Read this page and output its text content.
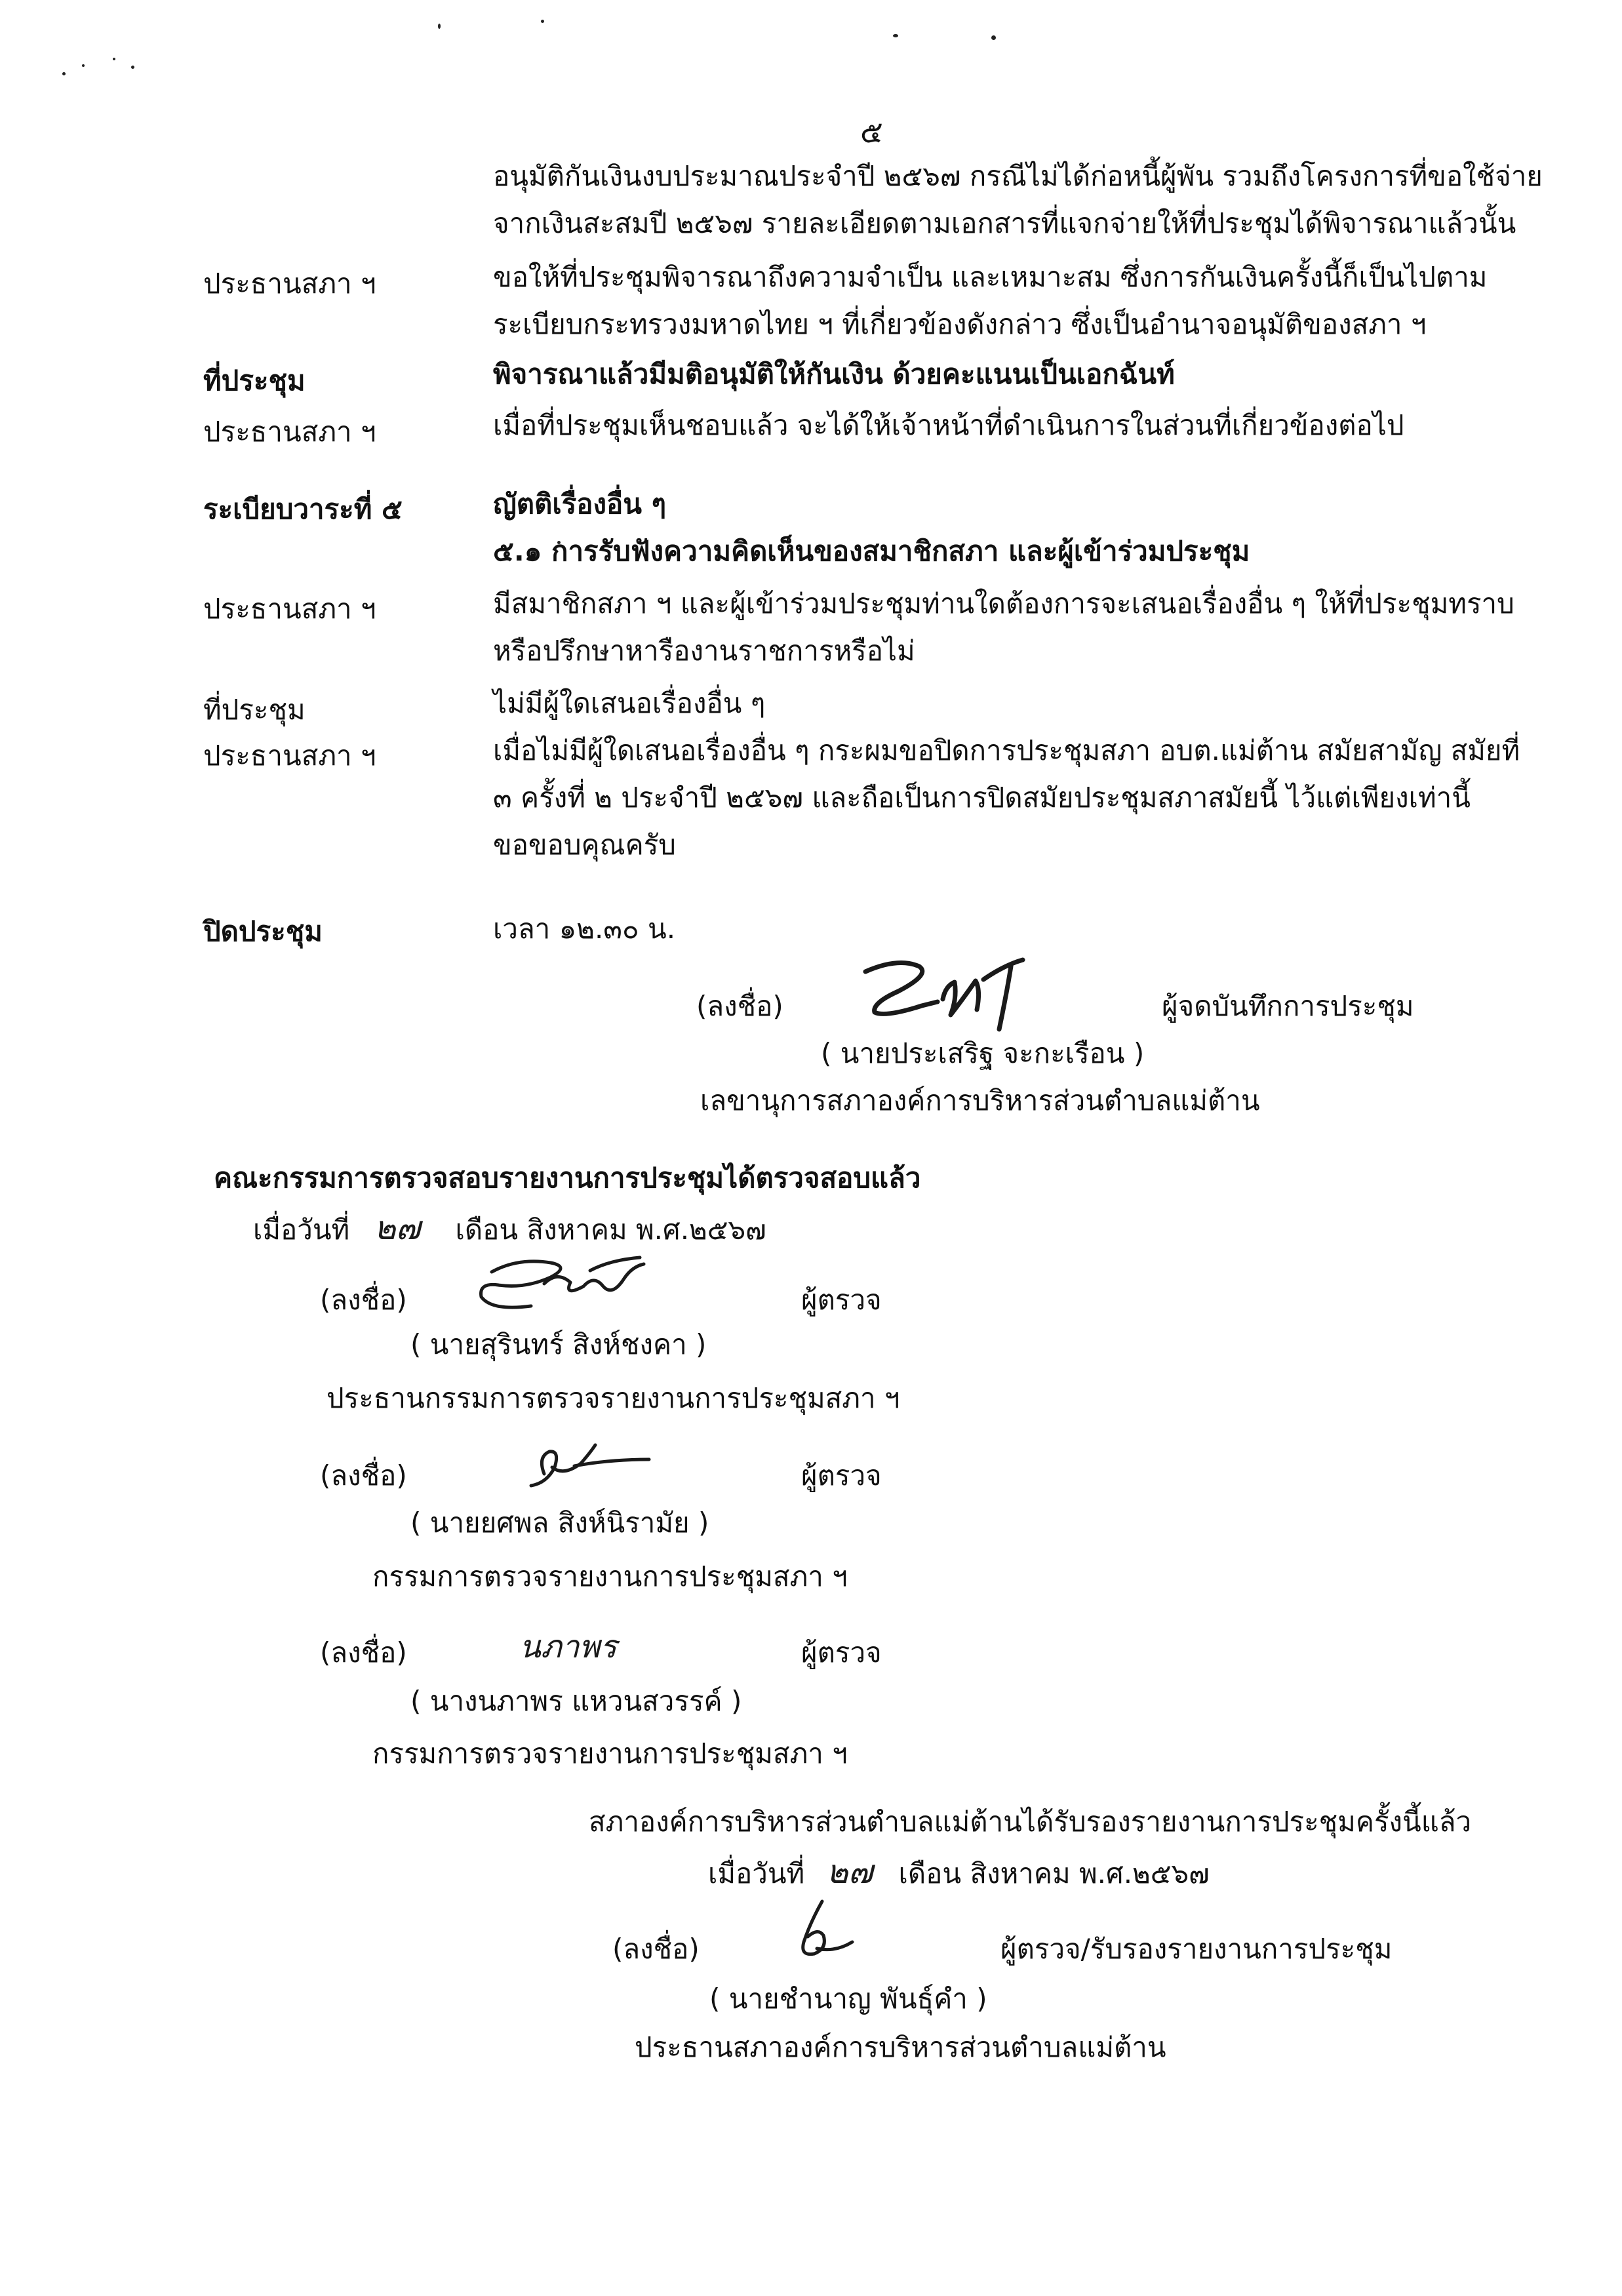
๕
อนุมัติกันเงินงบประมาณประจำปี ๒๕๖๗ กรณีไม่ได้ก่อหนี้ผู้พัน รวมถึงโครงการที่ขอใช้จ่าย
จากเงินสะสมปี ๒๕๖๗ รายละเอียดตามเอกสารที่แจกจ่ายให้ที่ประชุมได้พิจารณาแล้วนั้น
ประธานสภา ฯ	ขอให้ที่ประชุมพิจารณาถึงความจำเป็น และเหมาะสม ซึ่งการกันเงินครั้งนี้ก็เป็นไปตาม
ระเบียบกระทรวงมหาดไทย ฯ ที่เกี่ยวข้องดังกล่าว ซึ่งเป็นอำนาจอนุมัติของสภา ฯ
ที่ประชุม	พิจารณาแล้วมีมติอนุมัติให้กันเงิน ด้วยคะแนนเป็นเอกฉันท์
ประธานสภา ฯ	เมื่อที่ประชุมเห็นชอบแล้ว จะได้ให้เจ้าหน้าที่ดำเนินการในส่วนที่เกี่ยวข้องต่อไป
ระเบียบวาระที่ ๕	ญัตติเรื่องอื่น ๆ
๕.๑ การรับฟังความคิดเห็นของสมาชิกสภา และผู้เข้าร่วมประชุม
ประธานสภา ฯ	มีสมาชิกสภา ฯ และผู้เข้าร่วมประชุมท่านใดต้องการจะเสนอเรื่องอื่น ๆ ให้ที่ประชุมทราบ
หรือปรึกษาหารืองานราชการหรือไม่
ที่ประชุม	ไม่มีผู้ใดเสนอเรื่องอื่น ๆ
ประธานสภา ฯ	เมื่อไม่มีผู้ใดเสนอเรื่องอื่น ๆ กระผมขอปิดการประชุมสภา อบต.แม่ต้าน สมัยสามัญ สมัยที่
๓ ครั้งที่ ๒ ประจำปี ๒๕๖๗ และถือเป็นการปิดสมัยประชุมสภาสมัยนี้ ไว้แต่เพียงเท่านี้
ขอขอบคุณครับ
ปิดประชุม	เวลา ๑๒.๓๐ น.
(ลงชื่อ)	ผู้จดบันทึกการประชุม
( นายประเสริฐ จะกะเรือน )
เลขานุการสภาองค์การบริหารส่วนตำบลแม่ต้าน
คณะกรรมการตรวจสอบรายงานการประชุมได้ตรวจสอบแล้ว
เมื่อวันที่ ๒๗ เดือน สิงหาคม พ.ศ.๒๕๖๗
(ลงชื่อ)	ผู้ตรวจ
( นายสุรินทร์ สิงห์ชงคา )
ประธานกรรมการตรวจรายงานการประชุมสภา ฯ
(ลงชื่อ)	ผู้ตรวจ
( นายยศพล สิงห์นิรามัย )
กรรมการตรวจรายงานการประชุมสภา ฯ
(ลงชื่อ)	นภาพร	ผู้ตรวจ
( นางนภาพร แหวนสวรรค์ )
กรรมการตรวจรายงานการประชุมสภา ฯ
สภาองค์การบริหารส่วนตำบลแม่ต้านได้รับรองรายงานการประชุมครั้งนี้แล้ว
เมื่อวันที่ ๒๗ เดือน สิงหาคม พ.ศ.๒๕๖๗
(ลงชื่อ)	ผู้ตรวจ/รับรองรายงานการประชุม
( นายชำนาญ พันธุ์คำ )
ประธานสภาองค์การบริหารส่วนตำบลแม่ต้าน
